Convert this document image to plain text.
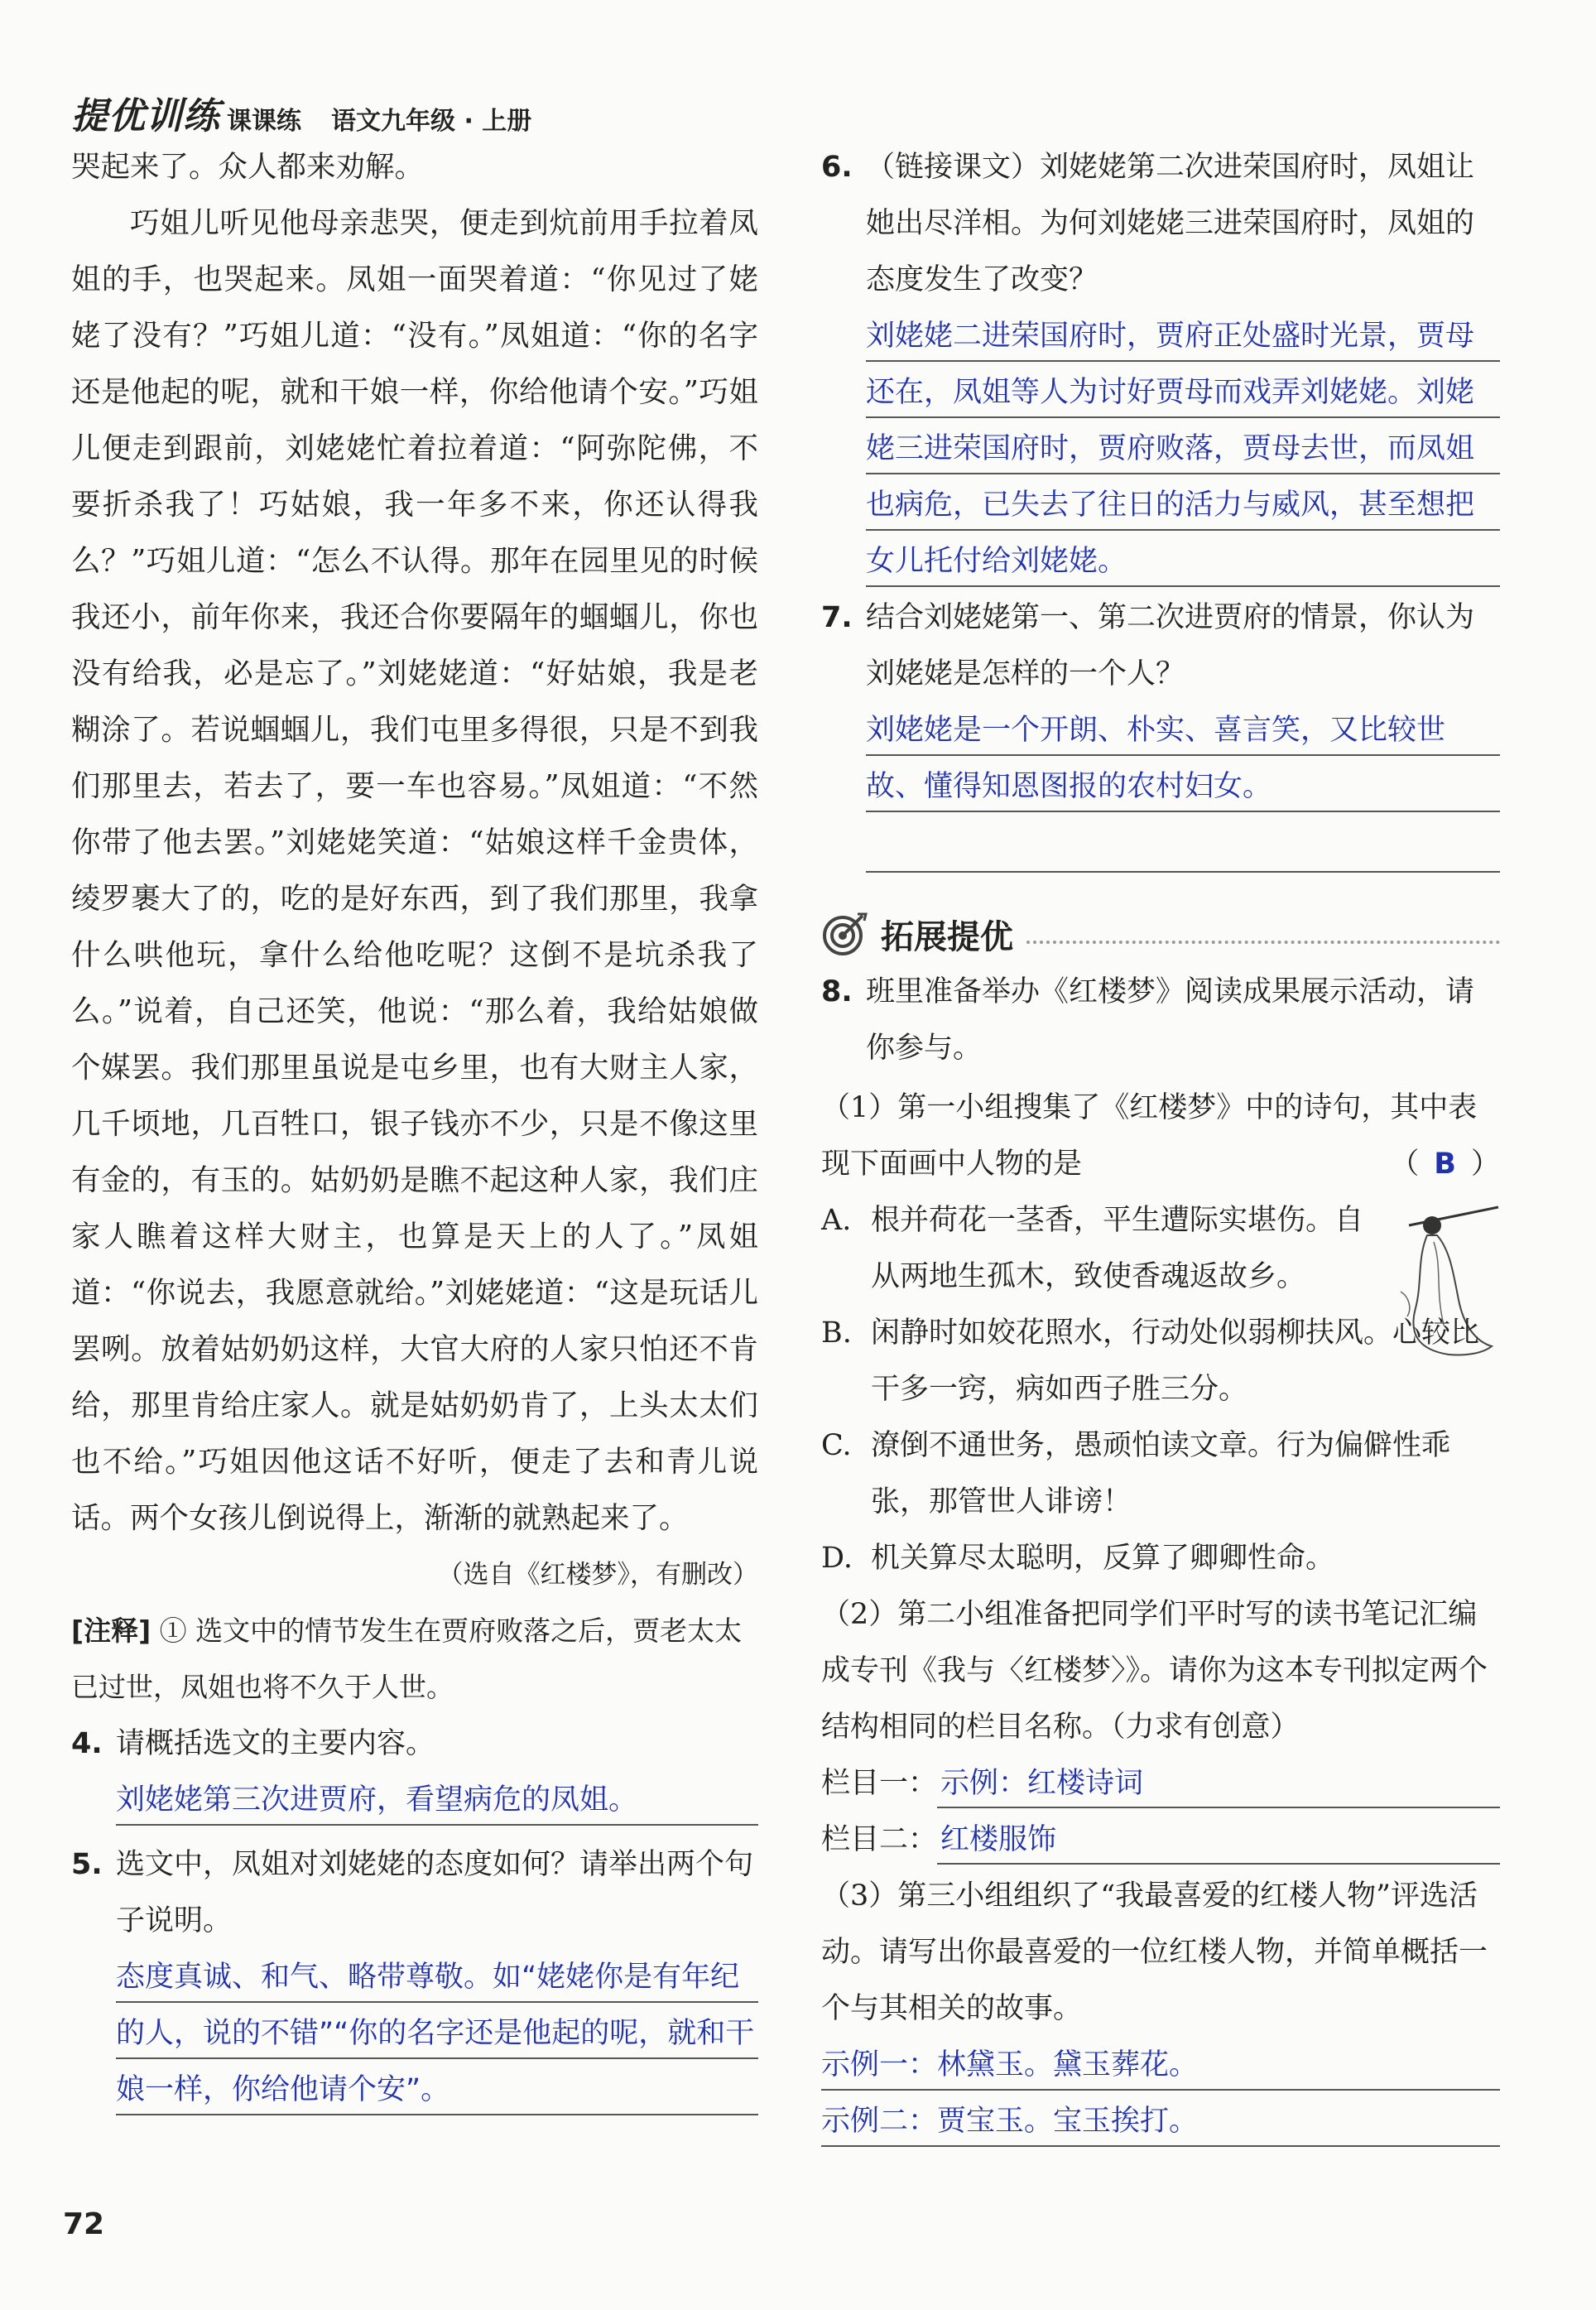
提优训练 课课练 语文九年级 · 上册

哭起来了。众人都来劝解。

巧姐儿听见他母亲悲哭，便走到炕前用手拉着凤姐的手，也哭起来。凤姐一面哭着道：“你见过了姥姥了没有？”巧姐儿道：“没有。”凤姐道：“你的名字还是他起的呢，就和干娘一样，你给他请个安。”巧姐儿便走到跟前，刘姥姥忙着拉着道：“阿弥陀佛，不要折杀我了！巧姑娘，我一年多不来，你还认得我么？”巧姐儿道：“怎么不认得。那年在园里见的时候我还小，前年你来，我还合你要隔年的蝈蝈儿，你也没有给我，必是忘了。”刘姥姥道：“好姑娘，我是老糊涂了。若说蝈蝈儿，我们屯里多得很，只是不到我们那里去，若去了，要一车也容易。”凤姐道：“不然你带了他去罢。”刘姥姥笑道：“姑娘这样千金贵体，绫罗裹大了的，吃的是好东西，到了我们那里，我拿什么哄他玩，拿什么给他吃呢？这倒不是坑杀我了么。”说着，自己还笑，他说：“那么着，我给姑娘做个媒罢。我们那里虽说是屯乡里，也有大财主人家，几千顷地，几百牲口，银子钱亦不少，只是不像这里有金的，有玉的。姑奶奶是瞧不起这种人家，我们庄家人瞧着这样大财主，也算是天上的人了。”凤姐道：“你说去，我愿意就给。”刘姥姥道：“这是玩话儿罢咧。放着姑奶奶这样，大官大府的人家只怕还不肯给，那里肯给庄家人。就是姑奶奶肯了，上头太太们也不给。”巧姐因他这话不好听，便走了去和青儿说话。两个女孩儿倒说得上，渐渐的就熟起来了。

（选自《红楼梦》，有删改）
[注释] ① 选文中的情节发生在贾府败落之后，贾老太太已过世，凤姐也将不久于人世。
4. 请概括选文的主要内容。
刘姥姥第三次进贾府，看望病危的凤姐。
5. 选文中，凤姐对刘姥姥的态度如何？请举出两个句子说明。
态度真诚、和气、略带尊敬。如“姥姥你是有年纪的人，说的不错”“你的名字还是他起的呢，就和干娘一样，你给他请个安”。
72
6. （链接课文）刘姥姥第二次进荣国府时，凤姐让她出尽洋相。为何刘姥姥三进荣国府时，凤姐的态度发生了改变？
刘姥姥二进荣国府时，贾府正处盛时光景，贾母还在，凤姐等人为讨好贾母而戏弄刘姥姥。刘姥姥三进荣国府时，贾府败落，贾母去世，而凤姐也病危，已失去了往日的活力与威风，甚至想把女儿托付给刘姥姥。
7. 结合刘姥姥第一、第二次进贾府的情景，你认为刘姥姥是怎样的一个人？
刘姥姥是一个开朗、朴实、喜言笑，又比较世故、懂得知恩图报的农村妇女。
拓展提优
8. 班里准备举办《红楼梦》阅读成果展示活动，请你参与。
（1）第一小组搜集了《红楼梦》中的诗句，其中表现下面画中人物的是	（ B ）
A. 根并荷花一茎香，平生遭际实堪伤。自从两地生孤木，致使香魂返故乡。
B. 闲静时如姣花照水，行动处似弱柳扶风。心较比干多一窍，病如西子胜三分。
C. 潦倒不通世务，愚顽怕读文章。行为偏僻性乖张，那管世人诽谤！
D. 机关算尽太聪明，反算了卿卿性命。
（2）第二小组准备把同学们平时写的读书笔记汇编成专刊《我与〈红楼梦〉》。请你为这本专刊拟定两个结构相同的栏目名称。（力求有创意）
栏目一： 示例：红楼诗词
栏目二： 红楼服饰
（3）第三小组组织了“我最喜爱的红楼人物”评选活动。请写出你最喜爱的一位红楼人物，并简单概括一个与其相关的故事。
示例一：林黛玉。黛玉葬花。
示例二：贾宝玉。宝玉挨打。
